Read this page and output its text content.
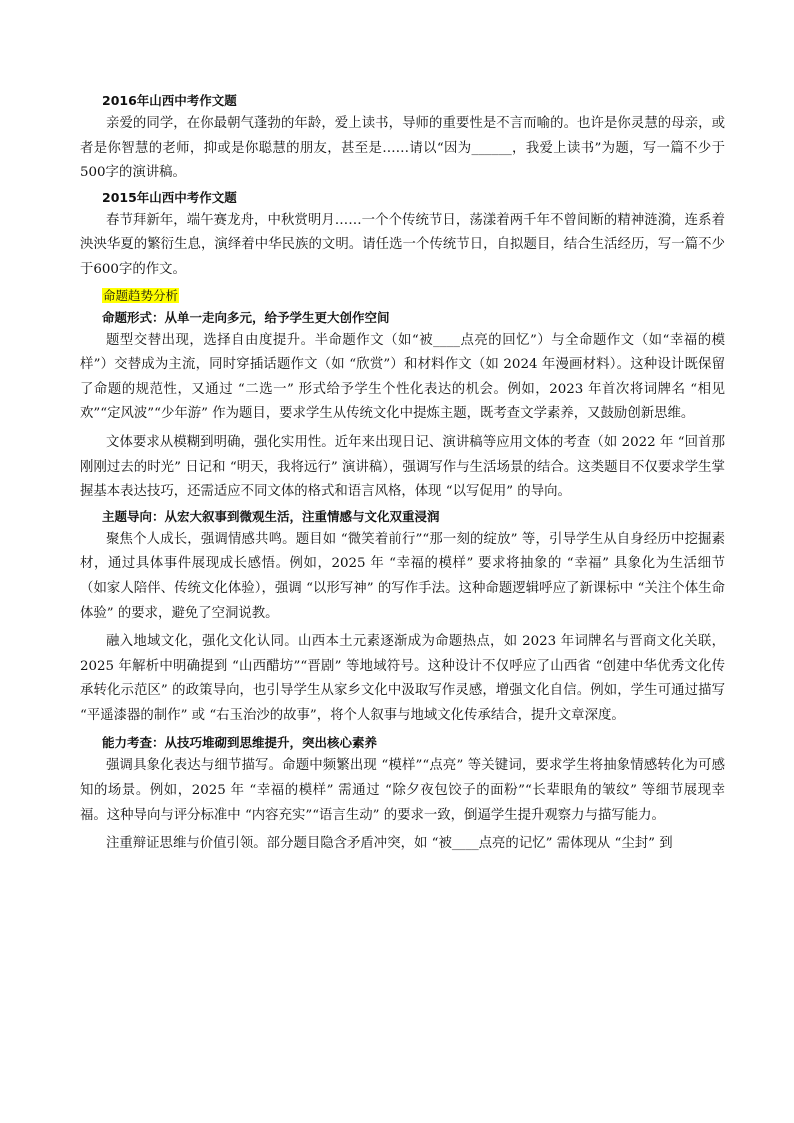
2016年山西中考作文题

亲爱的同学，在你最朝气蓬勃的年龄，爱上读书，导师的重要性是不言而喻的。也许是你灵慧的母亲，或者是你智慧的老师，抑或是你聪慧的朋友，甚至是……请以“因为______，我爱上读书”为题，写一篇不少于500字的演讲稿。

2015年山西中考作文题

春节拜新年，端午赛龙舟，中秋赏明月……一个个传统节日，荡漾着两千年不曾间断的精神涟漪，连系着泱泱华夏的繁衍生息，演绎着中华民族的文明。请任选一个传统节日，自拟题目，结合生活经历，写一篇不少于600字的作文。

命题趋势分析
命题形式：从单一走向多元，给予学生更大创作空间

题型交替出现，选择自由度提升。半命题作文（如“被____点亮的回忆”）与全命题作文（如“幸福的模样”）交替成为主流，同时穿插话题作文（如 “欣赏”）和材料作文（如 2024 年漫画材料）。这种设计既保留了命题的规范性，又通过 “二选一” 形式给予学生个性化表达的机会。例如，2023 年首次将词牌名 “相见欢”“定风波”“少年游” 作为题目，要求学生从传统文化中提炼主题，既考查文学素养，又鼓励创新思维。

文体要求从模糊到明确，强化实用性。近年来出现日记、演讲稿等应用文体的考查（如 2022 年 “回首那刚刚过去的时光” 日记和 “明天，我将远行” 演讲稿），强调写作与生活场景的结合。这类题目不仅要求学生掌握基本表达技巧，还需适应不同文体的格式和语言风格，体现 “以写促用” 的导向。

主题导向：从宏大叙事到微观生活，注重情感与文化双重浸润

聚焦个人成长，强调情感共鸣。题目如 “微笑着前行”“那一刻的绽放” 等，引导学生从自身经历中挖掘素材，通过具体事件展现成长感悟。例如，2025 年 “幸福的模样” 要求将抽象的 “幸福” 具象化为生活细节（如家人陪伴、传统文化体验），强调 “以形写神” 的写作手法。这种命题逻辑呼应了新课标中 “关注个体生命体验” 的要求，避免了空洞说教。

融入地域文化，强化文化认同。山西本土元素逐渐成为命题热点，如 2023 年词牌名与晋商文化关联，2025 年解析中明确提到 “山西醋坊”“晋剧” 等地域符号。这种设计不仅呼应了山西省 “创建中华优秀文化传承转化示范区” 的政策导向，也引导学生从家乡文化中汲取写作灵感，增强文化自信。例如，学生可通过描写 “平遥漆器的制作” 或 “右玉治沙的故事”，将个人叙事与地域文化传承结合，提升文章深度。

能力考查：从技巧堆砌到思维提升，突出核心素养

强调具象化表达与细节描写。命题中频繁出现 “模样”“点亮” 等关键词，要求学生将抽象情感转化为可感知的场景。例如，2025 年 “幸福的模样” 需通过 “除夕夜包饺子的面粉”“长辈眼角的皱纹” 等细节展现幸福。这种导向与评分标准中 “内容充实”“语言生动” 的要求一致，倒逼学生提升观察力与描写能力。

注重辩证思维与价值引领。部分题目隐含矛盾冲突，如 “被____点亮的记忆” 需体现从 “尘封” 到
